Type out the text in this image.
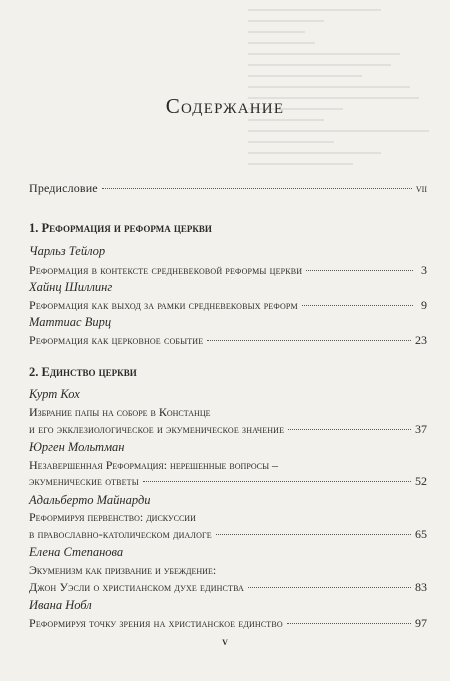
Содержание
Предисловие	vii
1. Реформация и реформа церкви
Чарльз Тейлор
Реформация в контексте средневековой реформы церкви	3
Хайнц Шиллинг
Реформация как выход за рамки средневековых реформ	9
Маттиас Вирц
Реформация как церковное событие	23
2. Единство церкви
Курт Кох
Избрание папы на соборе в Констанце
и его экклезиологическое и экуменическое значение	37
Юрген Мольтман
Незавершенная Реформация: нерешенные вопросы –
экуменические ответы	52
Адальберто Майнарди
Реформируя первенство: дискуссии
в православно-католическом диалоге	65
Елена Степанова
Экуменизм как призвание и убеждение:
Джон Уэсли о христианском духе единства	83
Ивана Нобл
Реформируя точку зрения на христианское единство	97
v
